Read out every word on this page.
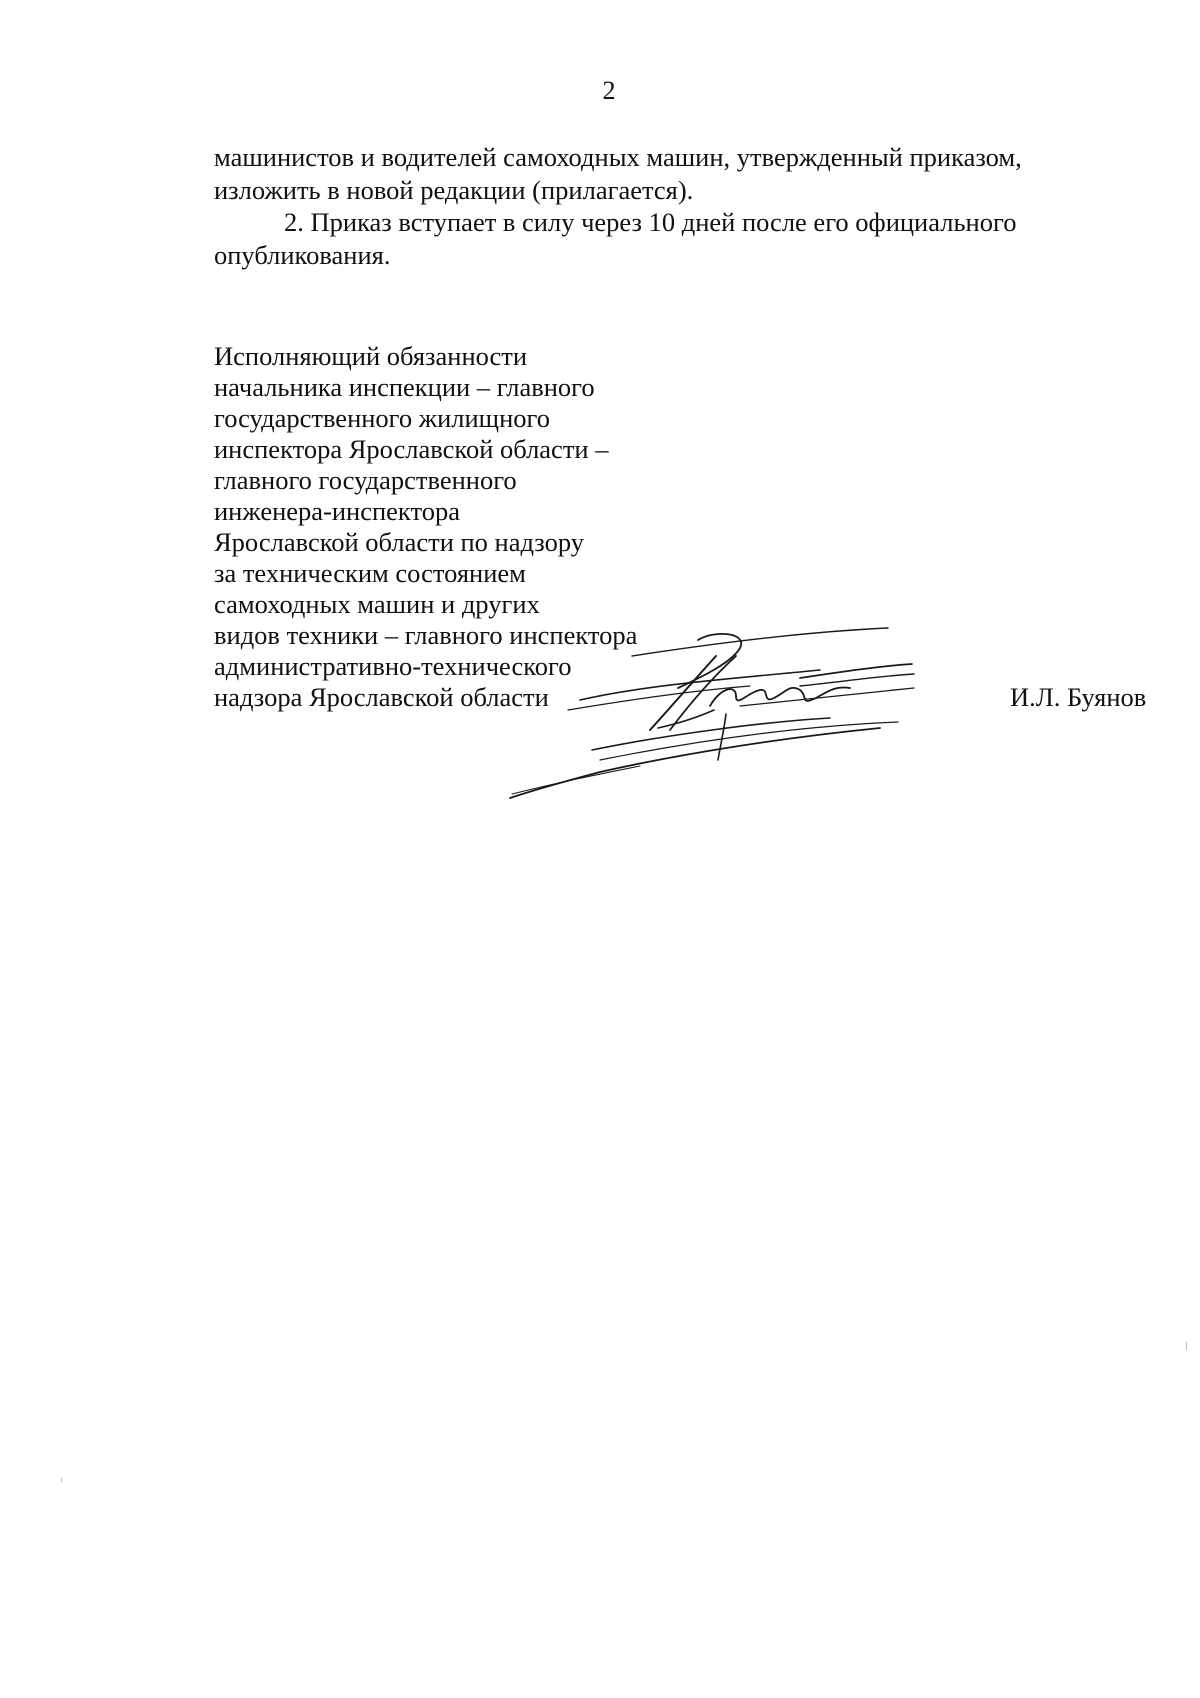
2

машинистов и водителей самоходных машин, утвержденный приказом,

изложить в новой редакции (прилагается).

2. Приказ вступает в силу через 10 дней после его официального

опубликования.

Исполняющий обязанности
начальника инспекции – главного
государственного жилищного
инспектора Ярославской области –
главного государственного
инженера-инспектора
Ярославской области по надзору
за техническим состоянием
самоходных машин и других
видов техники – главного инспектора
административно-технического
надзора Ярославской области	И.Л. Буянов
